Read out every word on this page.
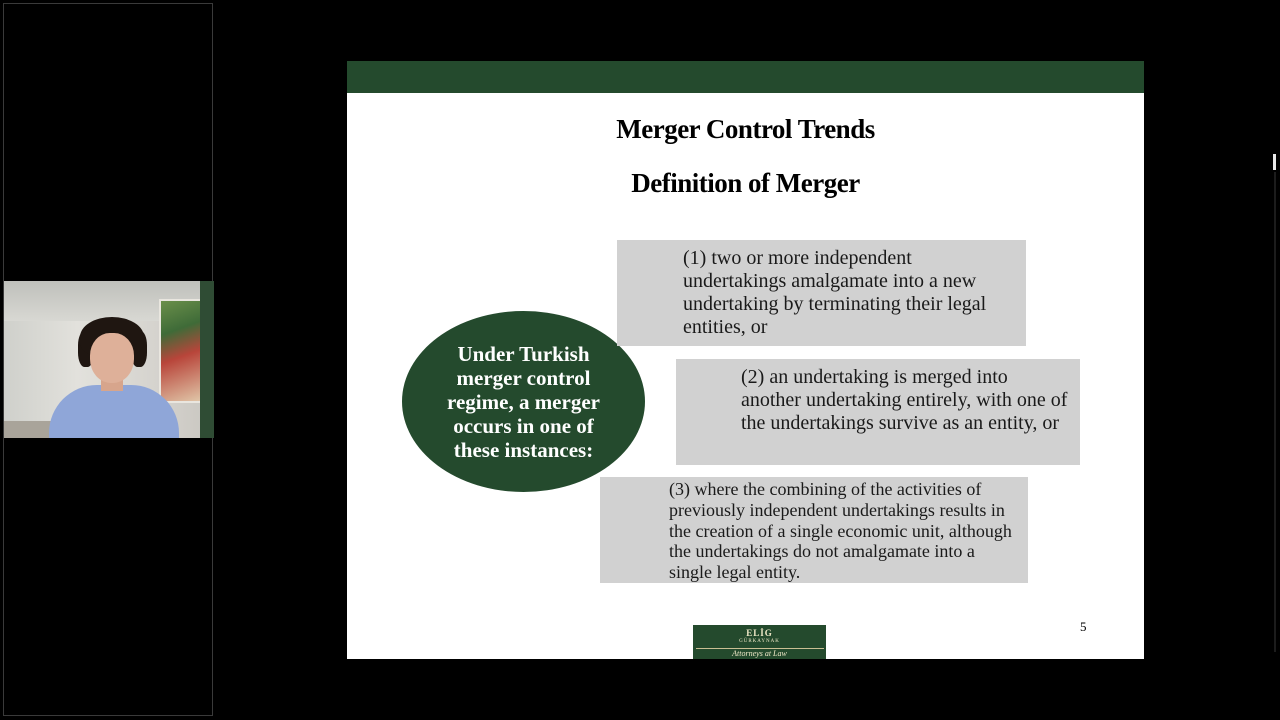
Merger Control Trends
Definition of Merger
Under Turkish merger control regime, a merger occurs in one of these instances:

(1) two or more independent undertakings amalgamate into a new undertaking by terminating their legal entities, or

(2) an undertaking is merged into another undertaking entirely, with one of the undertakings survive as an entity, or

(3) where the combining of the activities of previously independent undertakings results in the creation of a single economic unit, although the undertakings do not amalgamate into a single legal entity.

5
ELİG
GÜRKAYNAK
Attorneys at Law
